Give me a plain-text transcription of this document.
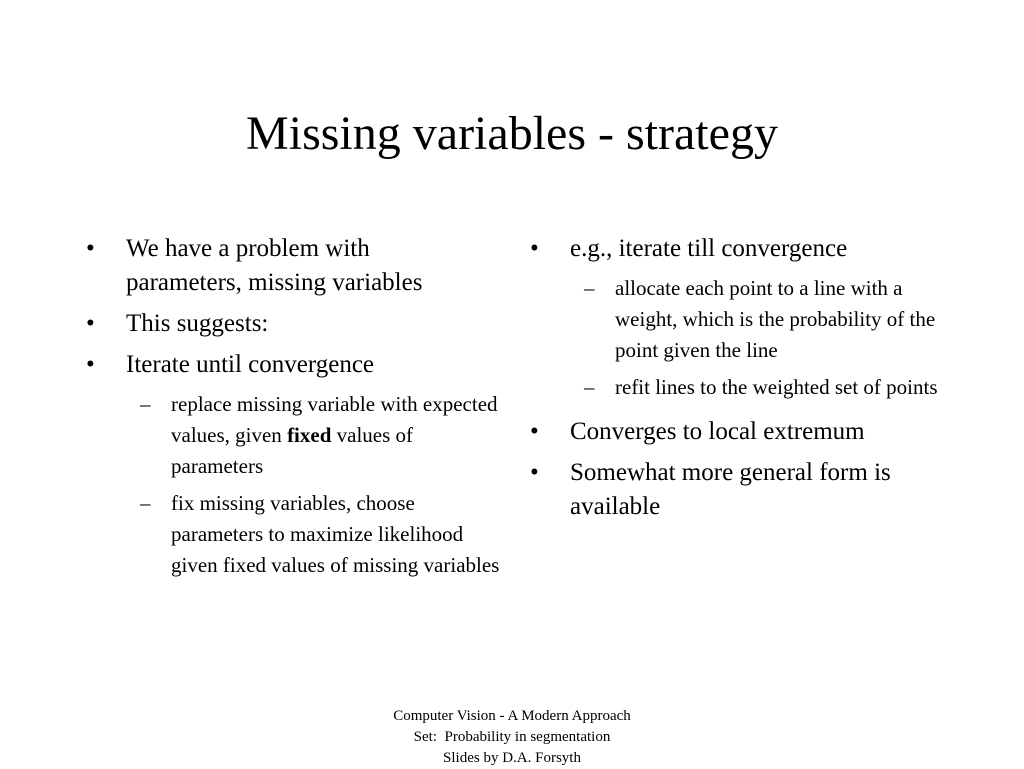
Missing variables - strategy
•	We have a problem with parameters, missing variables
•	This suggests:
•	Iterate until convergence
– replace missing variable with expected values, given fixed values of parameters
– fix missing variables, choose parameters to maximize likelihood given fixed values of missing variables
•	e.g., iterate till convergence
– allocate each point to a line with a weight, which is the probability of the point given the line
– refit lines to the weighted set of points
•	Converges to local extremum
•	Somewhat more general form is available
Computer Vision - A Modern Approach
Set:  Probability in segmentation
Slides by D.A. Forsyth
